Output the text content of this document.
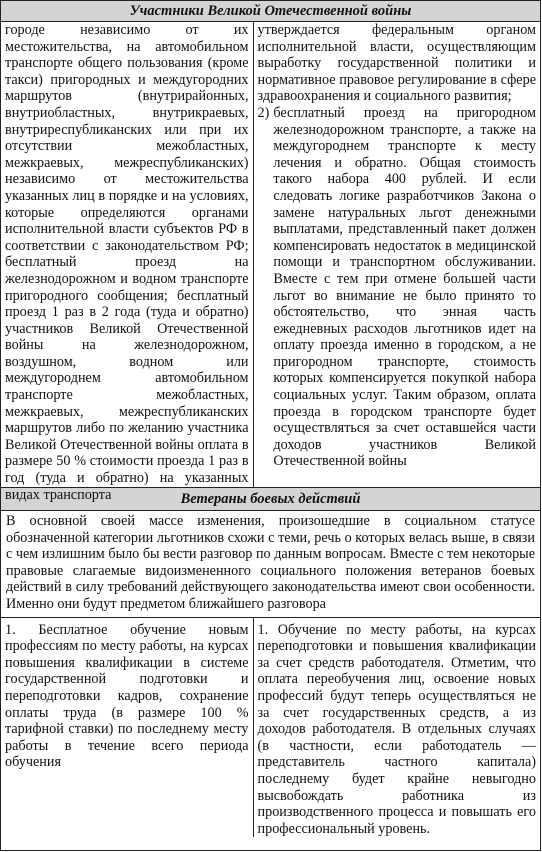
Участники Великой Отечественной войны

городе независимо от их местожительства, на автомобильном транспорте общего пользования (кроме такси) пригородных и междугородних маршрутов (внутрирайонных, внутриобластных, внутрикраевых, внутриреспубликанских или при их отсутствии межобластных, межкраевых, межреспубликанских) независимо от местожительства указанных лиц в порядке и на условиях, которые определяются органами исполнительной власти субъектов РФ в соответствии с законодательством РФ; бесплатный проезд на железнодорожном и водном транспорте пригородного сообщения; бесплатный проезд 1 раз в 2 года (туда и обратно) участников Великой Отечественной войны на железнодорожном, воздушном, водном или междугороднем автомобильном транспорте межобластных, межкраевых, межреспубликанских маршрутов либо по желанию участника Великой Отечественной войны оплата в размере 50 % стоимости проезда 1 раз в год (туда и обратно) на указанных видах транспорта

утверждается федеральным органом исполнительной власти, осуществляющим выработку государственной политики и нормативное правовое регулирование в сфере здравоохранения и социального развития;

2) бесплатный проезд на пригородном железнодорожном транспорте, а также на междугороднем транспорте к месту лечения и обратно. Общая стоимость такого набора 400 рублей. И если следовать логике разработчиков Закона о замене натуральных льгот денежными выплатами, представленный пакет должен компенсировать недостаток в медицинской помощи и транспортном обслуживании. Вместе с тем при отмене большей части льгот во внимание не было принято то обстоятельство, что энная часть ежедневных расходов льготников идет на оплату проезда именно в городском, а не пригородном транспорте, стоимость которых компенсируется покупкой набора социальных услуг. Таким образом, оплата проезда в городском транспорте будет осуществляться за счет оставшейся части доходов участников Великой Отечественной войны
Ветераны боевых действий
В основной своей массе изменения, произошедшие в социальном статусе обозначенной категории льготников схожи с теми, речь о которых велась выше, в связи с чем излишним было бы вести разговор по данным вопросам. Вместе с тем некоторые правовые слагаемые видоизмененного социального положения ветеранов боевых действий в силу требований действующего законодательства имеют свои особенности. Именно они будут предметом ближайшего разговора

1. Бесплатное обучение новым профессиям по месту работы, на курсах повышения квалификации в системе государственной подготовки и переподготовки кадров, сохранение оплаты труда (в размере 100 % тарифной ставки) по последнему месту работы в течение всего периода обучения

1. Обучение по месту работы, на курсах переподготовки и повышения квалификации за счет средств работодателя. Отметим, что оплата переобучения лиц, освоение новых профессий будут теперь осуществляться не за счет государственных средств, а из доходов работодателя. В отдельных случаях (в частности, если работодатель — представитель частного капитала) последнему будет крайне невыгодно высвобождать работника из производственного процесса и повышать его профессиональный уровень.
